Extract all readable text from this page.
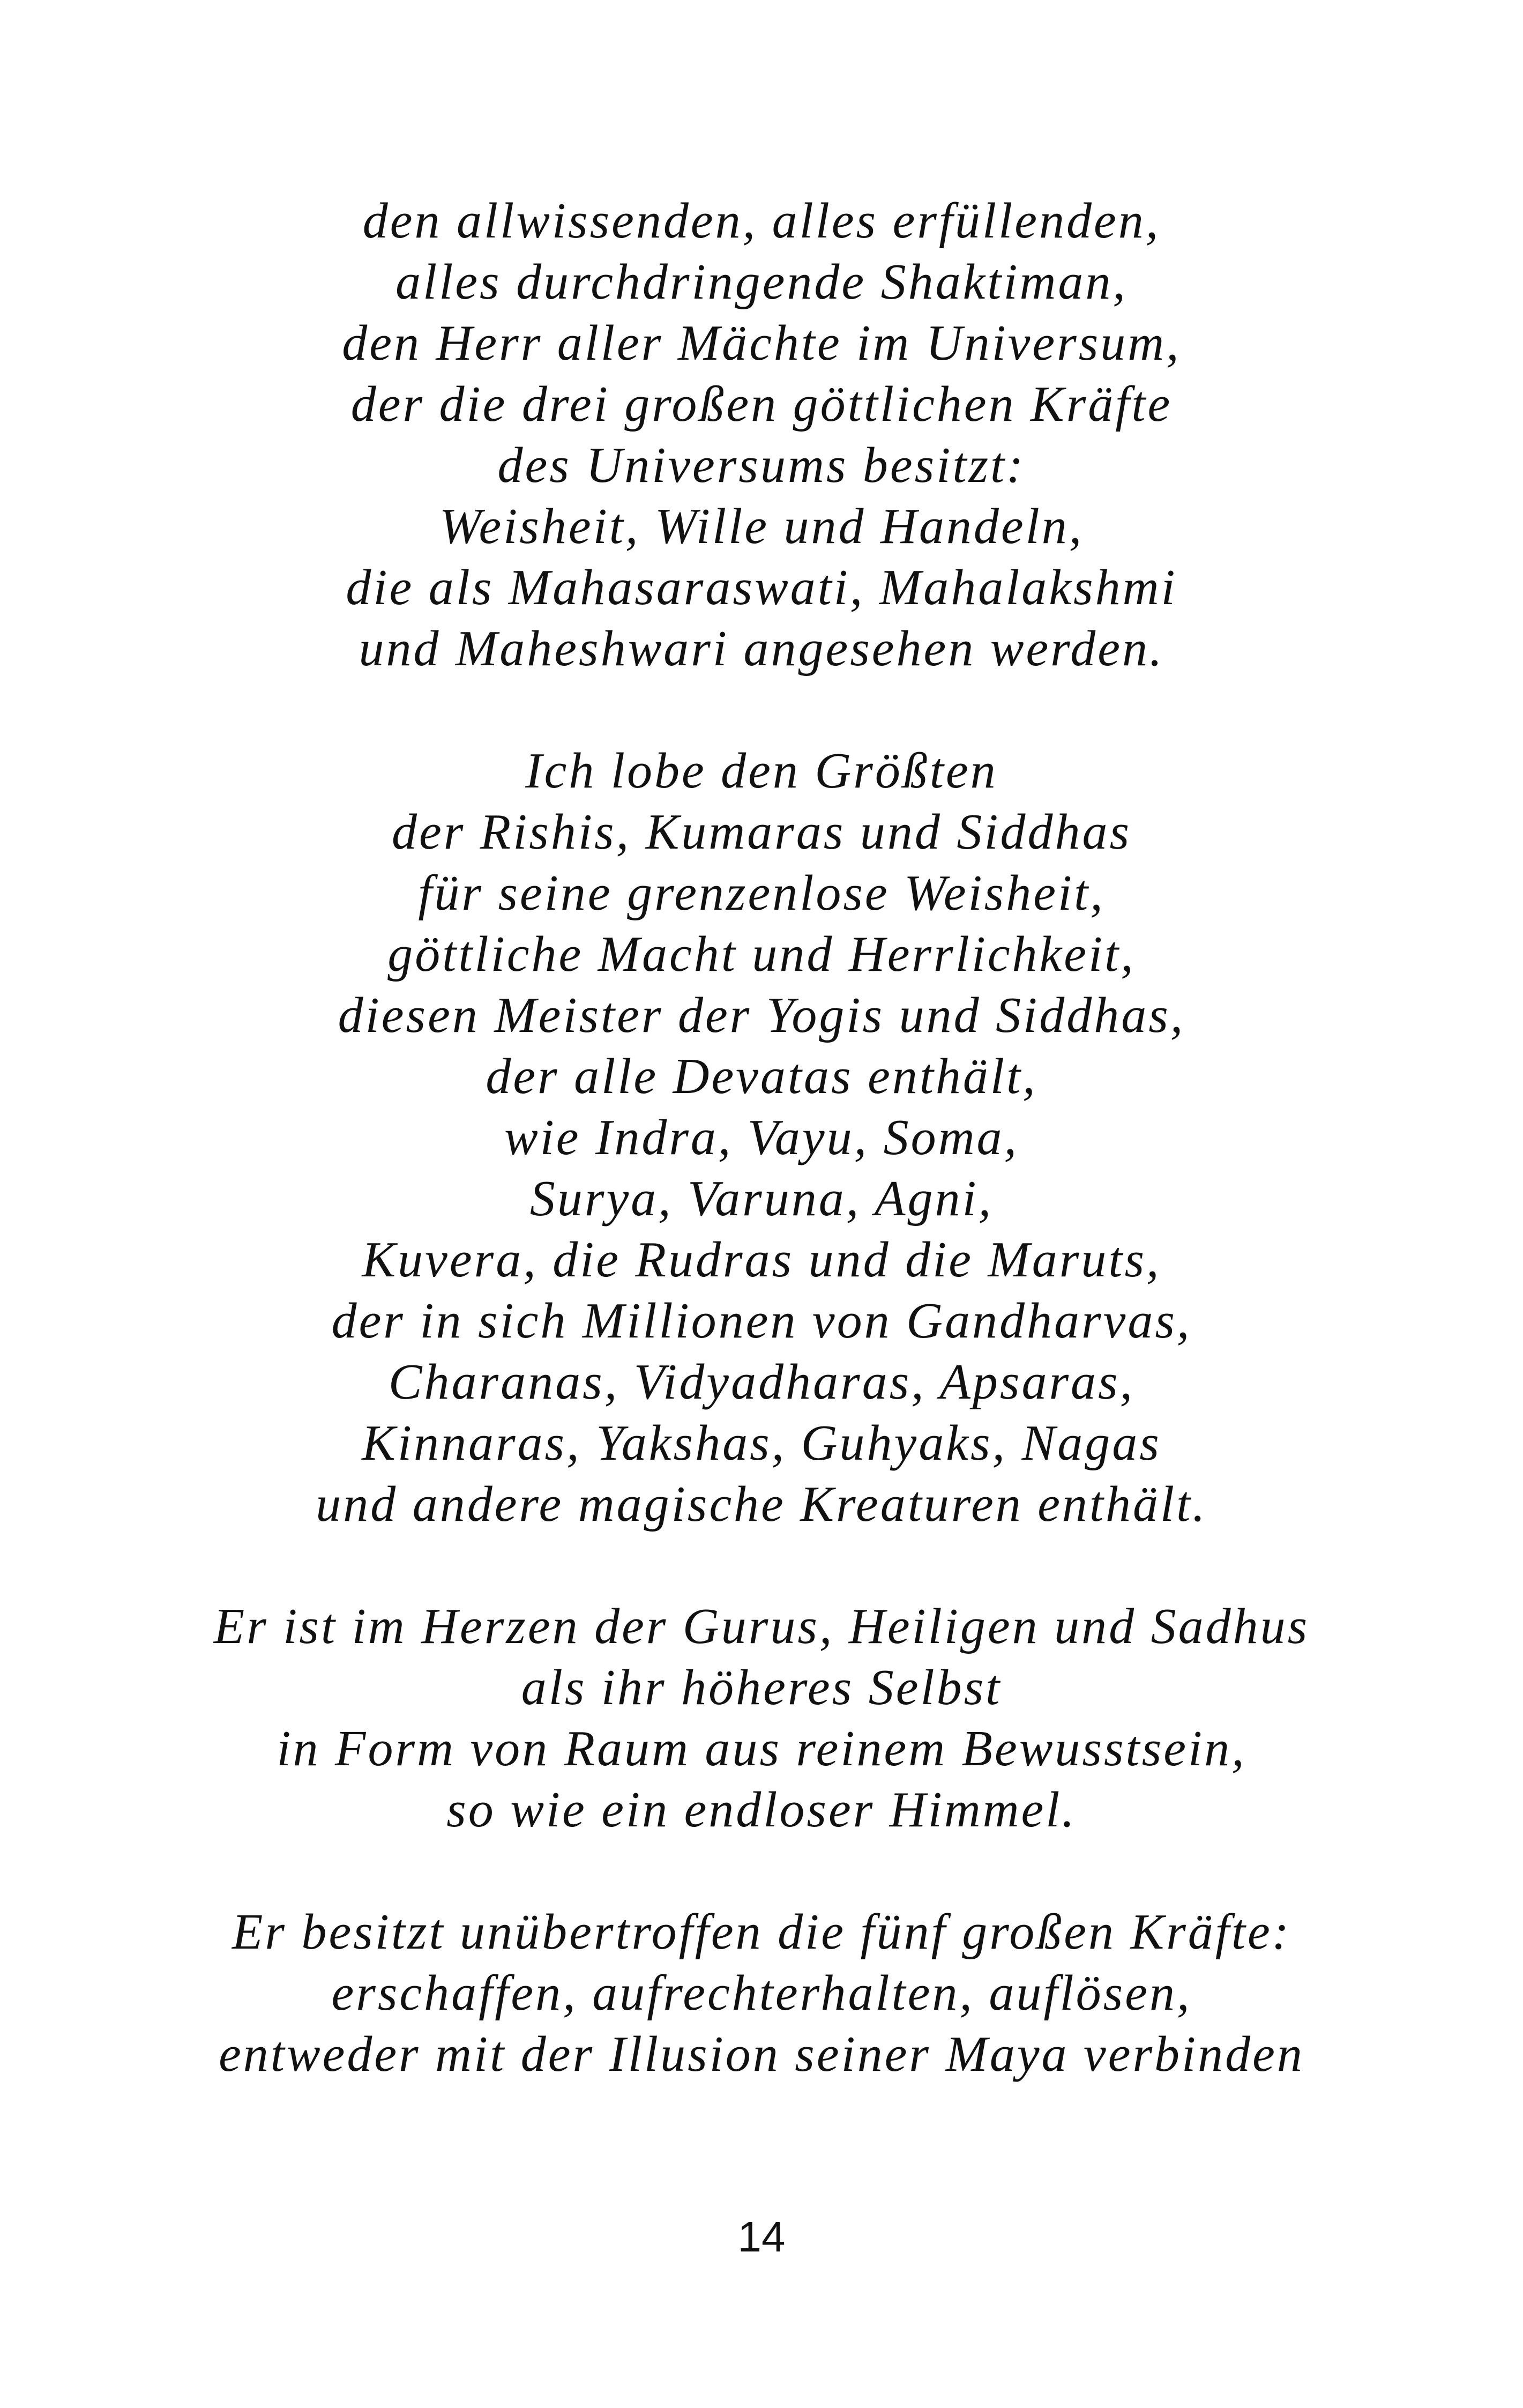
den allwissenden, alles erfüllenden,
alles durchdringende Shaktiman,
den Herr aller Mächte im Universum,
der die drei großen göttlichen Kräfte
des Universums besitzt:
Weisheit, Wille und Handeln,
die als Mahasaraswati, Mahalakshmi
und Maheshwari angesehen werden.
Ich lobe den Größten
der Rishis, Kumaras und Siddhas
für seine grenzenlose Weisheit,
göttliche Macht und Herrlichkeit,
diesen Meister der Yogis und Siddhas,
der alle Devatas enthält,
wie Indra, Vayu, Soma,
Surya, Varuna, Agni,
Kuvera, die Rudras und die Maruts,
der in sich Millionen von Gandharvas,
Charanas, Vidyadharas, Apsaras,
Kinnaras, Yakshas, Guhyaks, Nagas
und andere magische Kreaturen enthält.
Er ist im Herzen der Gurus, Heiligen und Sadhus
als ihr höheres Selbst
in Form von Raum aus reinem Bewusstsein,
so wie ein endloser Himmel.
Er besitzt unübertroffen die fünf großen Kräfte:
erschaffen, aufrechterhalten, auflösen,
entweder mit der Illusion seiner Maya verbinden
14
